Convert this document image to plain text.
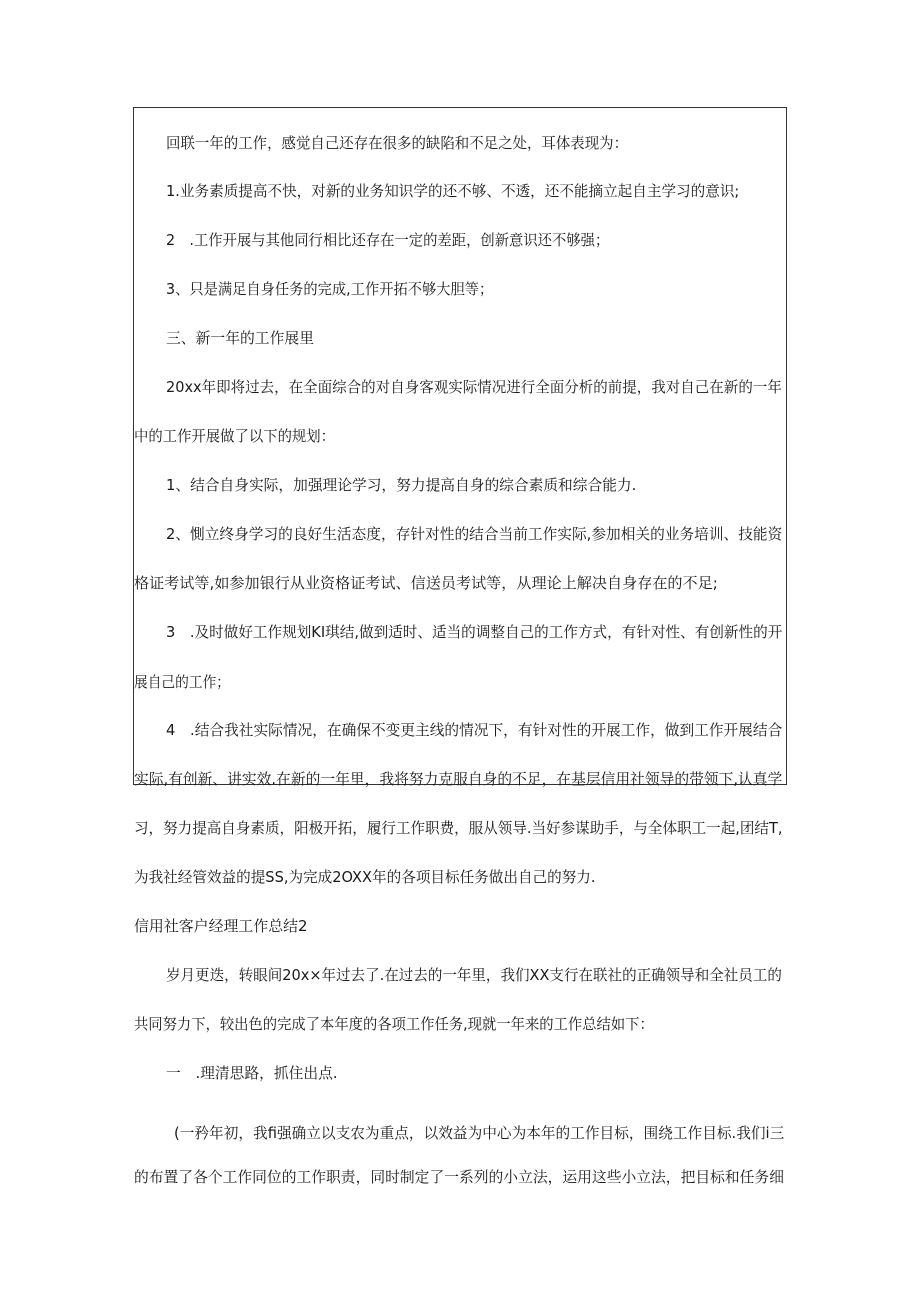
回联一年的工作，感觉自己还存在很多的缺陷和不足之处，耳体表现为：
1.业务素质提高不快，对新的业务知识学的还不够、不透，还不能摘立起自主学习的意识;
2　.工作开展与其他同行相比还存在一定的差距，创新意识还不够强；
3、只是满足自身任务的完成,工作开拓不够大胆等；
三、新一年的工作展里
20xx年即将过去，在全面综合的对自身客观实际情况进行全面分析的前提，我对自己在新的一年
中的工作开展做了以下的规划：
1、结合自身实际，加强理论学习，努力提高自身的综合素质和综合能力.
2、惻立终身学习的良好生活态度，存针对性的结合当前工作实际,参加相关的业务培训、技能资
格证考试等,如参加银行从业资格证考试、信送员考试等，从理论上解决自身存在的不足;
3　.及时做好工作规划KI琪结,做到适时、适当的调整自己的工作方式，有针对性、有创新性的开
展自己的工作；
4　.结合我社实际情况，在确保不变更主线的情况下，有针对性的开展工作，做到工作开展结合
实际,有创新、讲实效.在新的一年里，我将努力克服自身的不足，在基层信用社领导的带领下,认真学
习，努力提高自身素质，阳极开拓，履行工作职费，服从领导.当好参谋助手，与全体职工一起,团结T,
为我社经管效益的提SS,为完成2OXX年的各项目标任务做出自己的努力.
信用社客户经理工作总结2
岁月更迭，转眼间20x×年过去了.在过去的一年里，我们XX支行在联社的正确领导和全社员工的
共同努力下，较出色的完成了本年度的各项工作任务,现就一年来的工作总结如下：
一　.理清思路，抓住出点.
(一矜年初，我fi强确立以支农为重点，以效益为中心为本年的工作目标，围绕工作目标.我们i三
的布置了各个工作同位的工作职责，同时制定了一系列的小立法，运用这些小立法，把目标和任务细
